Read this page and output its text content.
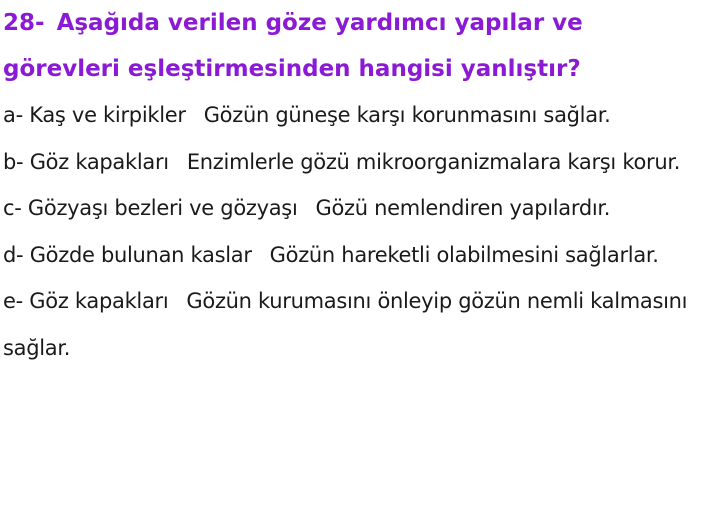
28- Aşağıda verilen göze yardımcı yapılar ve
görevleri eşleştirmesinden hangisi yanlıştır?

a- Kaş ve kirpikler Gözün güneşe karşı korunmasını sağlar.

b- Göz kapakları Enzimlerle gözü mikroorganizmalara karşı korur.

c- Gözyaşı bezleri ve gözyaşı Gözü nemlendiren yapılardır.

d- Gözde bulunan kaslar Gözün hareketli olabilmesini sağlarlar.

e- Göz kapakları Gözün kurumasını önleyip gözün nemli kalmasını sağlar.
